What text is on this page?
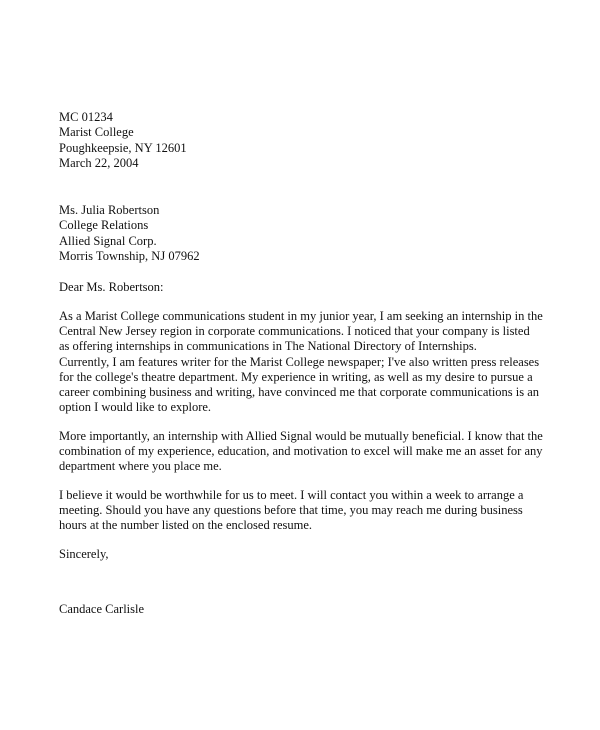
MC 01234
Marist College
Poughkeepsie, NY 12601
March 22, 2004
Ms. Julia Robertson
College Relations
Allied Signal Corp.
Morris Township, NJ 07962
Dear Ms. Robertson:
As a Marist College communications student in my junior year, I am seeking an internship in the
Central New Jersey region in corporate communications. I noticed that your company is listed
as offering internships in communications in The National Directory of Internships.
Currently, I am features writer for the Marist College newspaper; I've also written press releases
for the college's theatre department. My experience in writing, as well as my desire to pursue a
career combining business and writing, have convinced me that corporate communications is an
option I would like to explore.
More importantly, an internship with Allied Signal would be mutually beneficial. I know that the
combination of my experience, education, and motivation to excel will make me an asset for any
department where you place me.
I believe it would be worthwhile for us to meet. I will contact you within a week to arrange a
meeting. Should you have any questions before that time, you may reach me during business
hours at the number listed on the enclosed resume.
Sincerely,
Candace Carlisle
